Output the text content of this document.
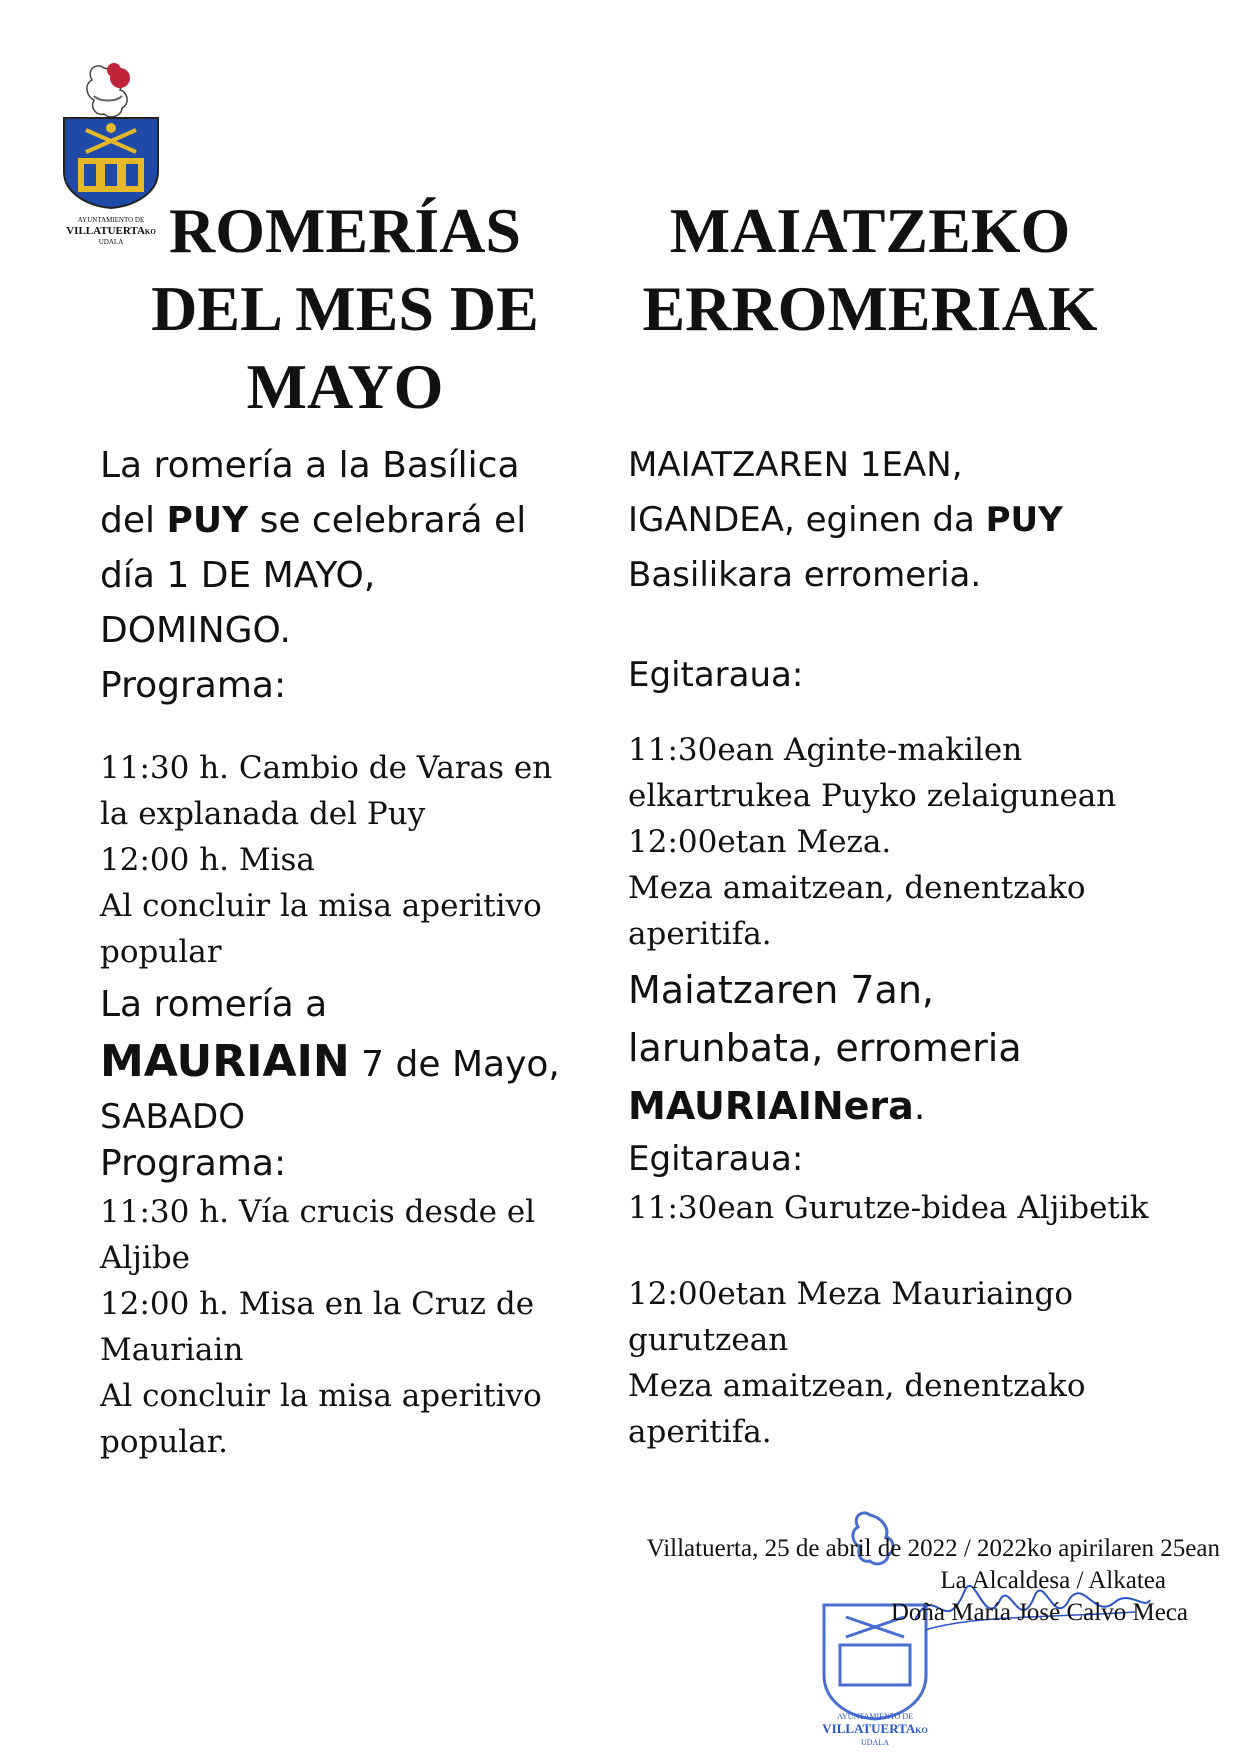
AYUNTAMIENTO DE
VILLATUERTAKO
UDALA ROMERÍAS

DEL MES DE

MAYO

MAIATZEKO

ERROMERIAK

La romería a la Basílica

del PUY se celebrará el

día 1 DE MAYO,

DOMINGO.

Programa:

11:30 h. Cambio de Varas en

la explanada del Puy

12:00 h. Misa

Al concluir la misa aperitivo

popular

La romería a

MAURIAIN 7 de Mayo,

SABADO

Programa:

11:30 h. Vía crucis desde el

Aljibe

12:00 h. Misa en la Cruz de

Mauriain

Al concluir la misa aperitivo

popular.

MAIATZAREN 1EAN,

IGANDEA, eginen da PUY

Basilikara erromeria.

Egitaraua:

11:30ean Aginte-makilen

elkartrukea Puyko zelaigunean

12:00etan Meza.

Meza amaitzean, denentzako

aperitifa.

Maiatzaren 7an,

larunbata, erromeria

MAURIAINera.

Egitaraua:

11:30ean Gurutze-bidea Aljibetik

12:00etan Meza Mauriaingo

gurutzean

Meza amaitzean, denentzako

aperitifa.

Villatuerta, 25 de abril de 2022 / 2022ko apirilaren 25ean

La Alcaldesa / Alkatea

Doña María José Calvo Meca

AYUNTAMIENTO DE
VILLATUERTAKO
UDALA
